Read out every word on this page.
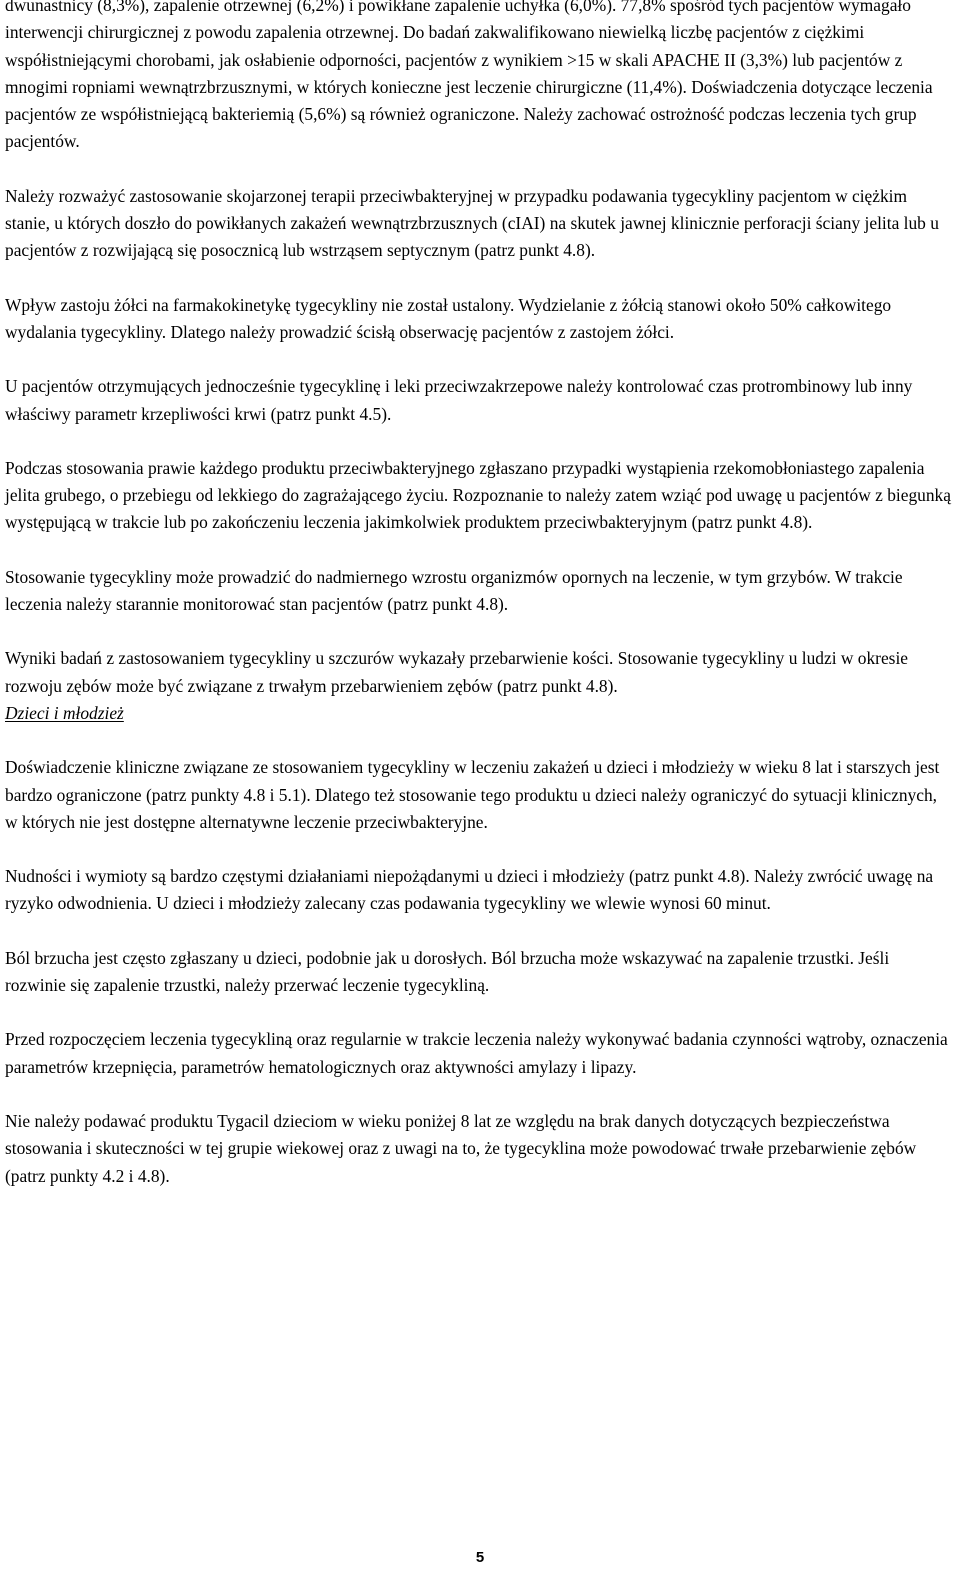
dwunastnicy (8,3%), zapalenie otrzewnej (6,2%) i powikłane zapalenie uchyłka (6,0%). 77,8% spośród tych pacjentów wymagało interwencji chirurgicznej z powodu zapalenia otrzewnej. Do badań zakwalifikowano niewielką liczbę pacjentów z ciężkimi współistniejącymi chorobami, jak osłabienie odporności, pacjentów z wynikiem >15 w skali APACHE II (3,3%) lub pacjentów z mnogimi ropniami wewnątrzbrzusznymi, w których konieczne jest leczenie chirurgiczne (11,4%). Doświadczenia dotyczące leczenia pacjentów ze współistniejącą bakteriemią (5,6%) są również ograniczone. Należy zachować ostrożność podczas leczenia tych grup pacjentów.

Należy rozważyć zastosowanie skojarzonej terapii przeciwbakteryjnej w przypadku podawania tygecykliny pacjentom w ciężkim stanie, u których doszło do powikłanych zakażeń wewnątrzbrzusznych (cIAI) na skutek jawnej klinicznie perforacji ściany jelita lub u pacjentów z rozwijającą się posocznicą lub wstrząsem septycznym (patrz punkt 4.8).

Wpływ zastoju żółci na farmakokinetykę tygecykliny nie został ustalony. Wydzielanie z żółcią stanowi około 50% całkowitego wydalania tygecykliny. Dlatego należy prowadzić ścisłą obserwację pacjentów z zastojem żółci.

U pacjentów otrzymujących jednocześnie tygecyklinę i leki przeciwzakrzepowe należy kontrolować czas protrombinowy lub inny właściwy parametr krzepliwości krwi (patrz punkt 4.5).

Podczas stosowania prawie każdego produktu przeciwbakteryjnego zgłaszano przypadki wystąpienia rzekomobłoniastego zapalenia jelita grubego, o przebiegu od lekkiego do zagrażającego życiu. Rozpoznanie to należy zatem wziąć pod uwagę u pacjentów z biegunką występującą w trakcie lub po zakończeniu leczenia jakimkolwiek produktem przeciwbakteryjnym (patrz punkt 4.8).

Stosowanie tygecykliny może prowadzić do nadmiernego wzrostu organizmów opornych na leczenie, w tym grzybów. W trakcie leczenia należy starannie monitorować stan pacjentów (patrz punkt 4.8).

Wyniki badań z zastosowaniem tygecykliny u szczurów wykazały przebarwienie kości. Stosowanie tygecykliny u ludzi w okresie rozwoju zębów może być związane z trwałym przebarwieniem zębów (patrz punkt 4.8).

Dzieci i młodzież

Doświadczenie kliniczne związane ze stosowaniem tygecykliny w leczeniu zakażeń u dzieci i młodzieży w wieku 8 lat i starszych jest bardzo ograniczone (patrz punkty 4.8 i 5.1). Dlatego też stosowanie tego produktu u dzieci należy ograniczyć do sytuacji klinicznych, w których nie jest dostępne alternatywne leczenie przeciwbakteryjne.

Nudności i wymioty są bardzo częstymi działaniami niepożądanymi u dzieci i młodzieży (patrz punkt 4.8). Należy zwrócić uwagę na ryzyko odwodnienia. U dzieci i młodzieży zalecany czas podawania tygecykliny we wlewie wynosi 60 minut.

Ból brzucha jest często zgłaszany u dzieci, podobnie jak u dorosłych. Ból brzucha może wskazywać na zapalenie trzustki. Jeśli rozwinie się zapalenie trzustki, należy przerwać leczenie tygecykliną.

Przed rozpoczęciem leczenia tygecykliną oraz regularnie w trakcie leczenia należy wykonywać badania czynności wątroby, oznaczenia parametrów krzepnięcia, parametrów hematologicznych oraz aktywności amylazy i lipazy.

Nie należy podawać produktu Tygacil dzieciom w wieku poniżej 8 lat ze względu na brak danych dotyczących bezpieczeństwa stosowania i skuteczności w tej grupie wiekowej oraz z uwagi na to, że tygecyklina może powodować trwałe przebarwienie zębów (patrz punkty 4.2 i 4.8).

5
